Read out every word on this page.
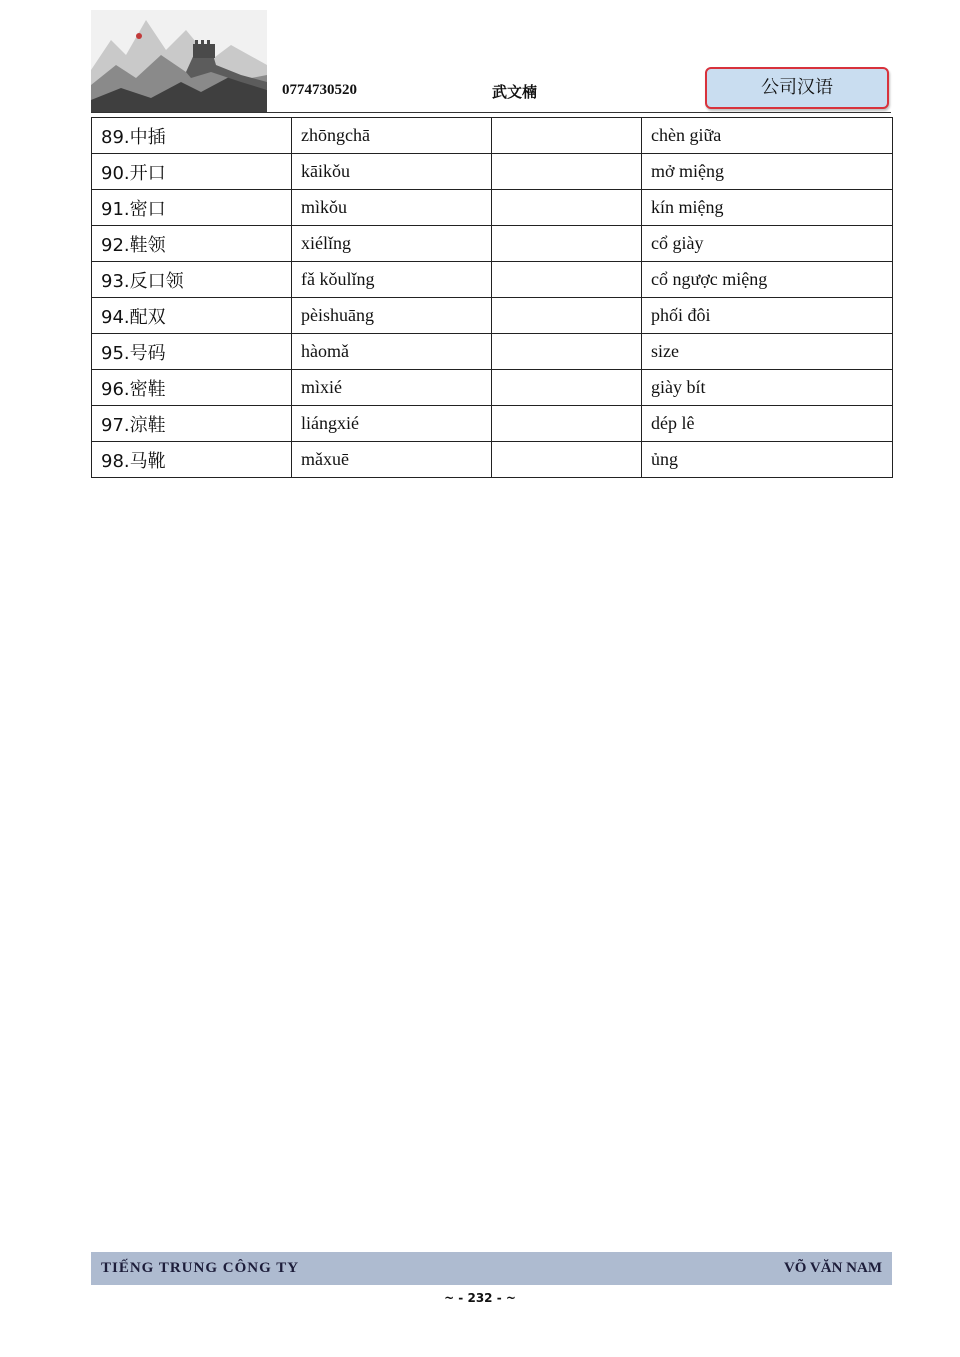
0774730520	武文楠	公司汉语
89.中插	zhōngchā		chèn giữa
90.开口	kāikǒu		mở miệng
91.密口	mìkǒu		kín miệng
92.鞋领	xiélǐng		cổ giày
93.反口领	fǎ kǒulǐng		cổ ngược miệng
94.配双	pèishuāng		phối đôi
95.号码	hàomǎ		size
96.密鞋	mìxié		giày bít
97.涼鞋	liángxié		dép lê
98.马靴	mǎxuē		ủng
TIẾNG TRUNG CÔNG TY	VÕ VĂN NAM
~ - 232 - ~
